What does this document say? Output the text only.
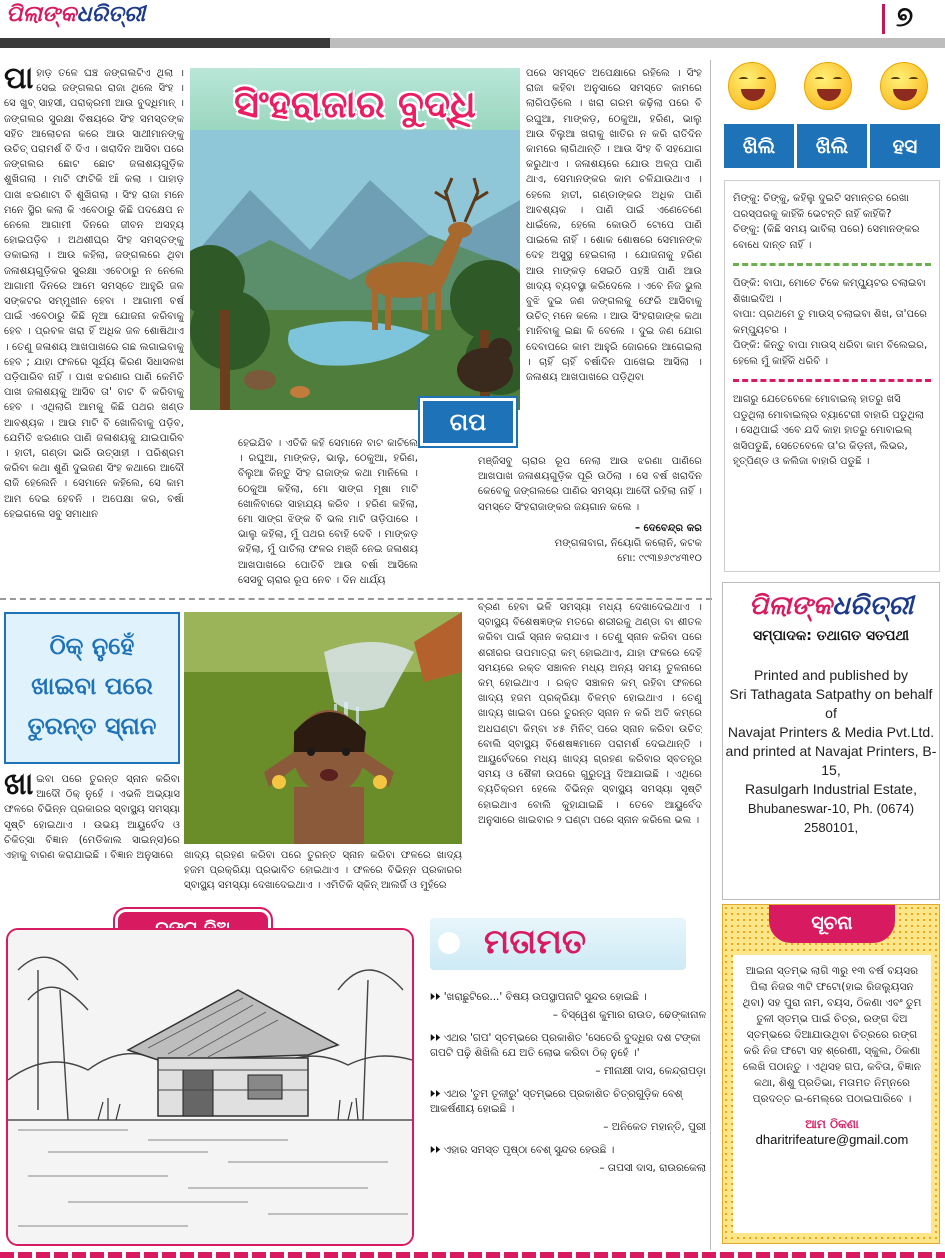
ପିଲାଙ୍କଧରିତ୍ରୀ	୭
ସିଂହରାଜାର ବୁଦ୍ଧି
ଗପ
ପା ହାଡ଼ ତଳେ ଘଞ୍ଚ ଜଙ୍ଗଲଟିଏ ଥିଲା । ସେଇ ଜଙ୍ଗଲର ରାଜା ଥିଲେ ସିଂହ । ସେ ଖୁବ୍ ସାହସୀ, ପରାକ୍ରମୀ ଆଉ ବୁଦ୍ଧିମାନ୍ । ଜଙ୍ଗଲର ସୁରକ୍ଷା ବିଷୟରେ ସିଂହ ସମସ୍ତଙ୍କ ସହିତ ଆଲୋଚନା କରେ ଆଉ ସାଥୀମାନଙ୍କୁ ଉଚିତ୍ ପରାମର୍ଶ ବି ଦିଏ । ଖରାଦିନ ଆସିବା ପରେ ଜଙ୍ଗଲର ଛୋଟ ଛୋଟ ଜଳାଶୟଗୁଡ଼ିକ ଶୁଖିଗଲା । ମାଟି ଫାଟିକି ଆଁ କଲା । ପାହାଡ଼ ପାଖ ଝରଣାଟା ବି ଶୁଖିଗଲା । ସିଂହ ରାଜା ମନେ ମନେ ସ୍ଥିର କଲା କି ଏବେଠାରୁ କିଛି ପଦକ୍ଷେପ ନ ନେଲେ ଆଗାମୀ ଦିନରେ ଜୀବନ ଅସହ୍ୟ ହୋଇପଡ଼ିବ । ଅଥଶୀଘ୍ର ସିଂହ ସମସ୍ତଙ୍କୁ ଡକାଇଲା । ଆଉ କହିଲା, ଜଙ୍ଗଲରେ ଥିବା ଜଳାଶୟଗୁଡ଼ିକର ସୁରକ୍ଷା ଏବେଠାରୁ ନ ନେଲେ ଆଗାମୀ ଦିନରେ ଆମେ ସମସ୍ତେ ଆହୁରି ଜଳ ସଙ୍କଟର ସମ୍ମୁଖୀନ ହେବା । ଆଗାମୀ ବର୍ଷ ପାଇଁ ଏବେଠାରୁ କିଛି ନୂଆ ଯୋଜନା କରିବାକୁ ହେବ । ପ୍ରବଳ ଖରା ହିଁ ଅଧିକ ଜଳ ଶୋଷିଥାଏ । ତେଣୁ ଜଳାଶୟ ଆଖପାଖରେ ଗଛ ଲଗାଇବାକୁ ହେବ ; ଯାହା ଫଳରେ ସୂର୍ଯ୍ୟ କିରଣ ସିଧାସଳଖ ପଡ଼ିପାରିବ ନାହିଁ । ପାଖ ଝରଣାର ପାଣି କେମିତି ପାଖ ଜଳାଶୟକୁ ଆସିବ ତା' ବାଟ ବି କରିବାକୁ ହେବ । ଏଥିଲାଗି ଆମକୁ କିଛି ପଥର ଖଣ୍ଡ ଆବଶ୍ୟକ । ଆଉ ମାଟି ବି ଖୋଳିବାକୁ ପଡ଼ିବ, ଯେମିତି ଝରଣାର ପାଣି ଜଳାଶୟକୁ ଯାଇପାରିବ । ହାତୀ, ଗଣ୍ଡା ଭାରି ଉତ୍ସାହୀ । ପରିଶ୍ରମ କରିବା କଥା ଶୁଣି ଦୁଇଜଣ ସିଂହ କଥାରେ ଆଦୌ ରାଜି ହେଲେନି । ସେମାନେ କହିଲେ, ସେ କାମ ଆମ ଦେଇ ହେବନି । ଅପେକ୍ଷା କର, ବର୍ଷା ହେଇଗଲେ ସବୁ ସମାଧାନ
ହେଇଯିବ । ଏତିକି କହି ସେମାନେ ବାଟ କାଟିଲେ । ରଘୁଆ, ମାଙ୍କଡ଼, ଭାଲୁ, ଠେକୁଆ, ହରିଣ, ବିଲୁଆ କିନ୍ତୁ ସିଂହ ରାଜାଙ୍କ କଥା ମାନିଲେ । ଠେକୁଆ କହିଲା, ମୋ ସାଙ୍ଗ ମୂଷା ମାଟି ଖୋଳିବାରେ ସାହାଯ୍ୟ କରିବ । ହରିଣ କହିଲା, ମୋ ସାଙ୍ଗ ଝିଙ୍କ ବି ଭଲ ମାଟି ତାଡ଼ିପାରେ । ଭାଲୁ କହିଲା, ମୁଁ ପଥର ବୋହି ଦେବି । ମାଙ୍କଡ଼ କହିଲା, ମୁଁ ପାତିଲା ଫଳର ମଞ୍ଜି ନେଇ ଜଳାଶୟ ଆଖପାଖରେ ପୋତିବି ଆଉ ବର୍ଷା ଆସିଲେ ସେସବୁ ଚାରାର ରୂପ ନେବ । ଦିନ ଧାର୍ଯ୍ୟ
ପରେ ସମସ୍ତେ ଅପେକ୍ଷାରେ ରହିଲେ । ସିଂହ ରାଜା କହିବା ଅନୁସାରେ ସମସ୍ତେ କାମରେ ଲାଗିପଡ଼ିଲେ । ଖରା ଗରମ କଢ଼ିଲା ପରେ ବି ରଘୁଆ, ମାଙ୍କଡ଼, ଠେକୁଆ, ହରିଣ, ଭାଲୁ ଆଉ ବିଲୁଆ ଖରାକୁ ଖାତିର ନ କରି ରାତିଦିନ କାମରେ ଲାଗିଥାନ୍ତି । ଆଉ ସିଂହ ବି ସହଯୋଗ କରୁଥାଏ । ଜଳାଶୟରେ ଯୋଉ ଅଳ୍ପ ପାଣି ଥାଏ, ସେମାନଙ୍କର କାମ ଚଳିଯାଉଥାଏ । ହେଲେ ହାତୀ, ଗଣ୍ଡାଙ୍କର ଅଧିକ ପାଣି ଆବଶ୍ୟକ । ପାଣି ପାଇଁ ଏଣେତେଣେ ଧାଇଁଲେ, ହେଲେ କୋଉଠି ଟୋପେ ପାଣି ପାଇଲେ ନାହିଁ । ଶୋକ ଶୋଷରେ ସେମାନଙ୍କ ଦେହ ଅସୁସ୍ଥ ହେଇଗଲା । ଯୋଜନାକୁ ହରିଣ ଆଉ ମାଙ୍କଡ଼ ସେଇଠି ପହଞ୍ଚି ପାଣି ଆଉ ଖାଦ୍ୟ ବ୍ୟବସ୍ଥା କରିଦେଲେ । ଏବେ ନିଜ ଭୁଲ ବୁଝି ଦୁଇ ଜଣ ଜଙ୍ଗଲକୁ ଫେରି ଆସିବାକୁ ଉଚିତ୍ ମନେ କଲେ । ଆଉ ସିଂହରାଜାଙ୍କ କଥା ମାନିବାକୁ ଇଛା କି ବେଲେ । ଦୁଇ ଜଣ ଯୋଗ ଦେବାପରେ କାମ ଆହୁରି ଜୋରରେ ଆଗେଇଲା । ଚାହିଁ ଚାହିଁ ବର୍ଷାଦିନ ପାଖେଇ ଆସିଲା । ଜଳାଶୟ ଆଖପାଖରେ ପଡ଼ିଥିବା
ମଞ୍ଜିସବୁ ଚାରାର ରୂପ ନେଲା ଆଉ ଝରଣା ପାଣିରେ ଆଖପାଖ ଜଳାଶୟଗୁଡ଼ିକ ପୂରି ଉଠିଲା । ସେ ବର୍ଷ ଖରାଦିନ କେବେକୁ ଜଙ୍ଗଲରେ ପାଣିର ସମସ୍ୟା ଆଦୌ ରହିଲା ନାହିଁ । ସମସ୍ତେ ସିଂହରାଜାଙ୍କର ଜୟଗାନ କଲେ ।
– ଦେବେନ୍ଦ୍ର କର
ମଙ୍ଗଳାବାଗ, ନିୟୋଗି କଲୋନି, କଟକ
ମୋ: ୯୯୩୭୬୯୪୩୧୦
ଖିଲି	ଖିଲି	ହସ
ମିଙ୍କୁ: ଚିଙ୍କୁ, କହିଲୁ ଦୁଇଟି ସମାନ୍ତର ରେଖା ପରସ୍ପରକୁ କାହିଁକି ଭେଟନ୍ତି ନାହିଁ କାହିଁକି?
ଚିଙ୍କୁ: (କିଛି ସମୟ ଭାବିଲା ପରେ) ସେମାନଙ୍କର ବୋଧେ ଦାନ୍ତ ନାହିଁ ।
ପିଙ୍କି: ବାପା, ମୋତେ ଟିକେ କମ୍ପ୍ୟୁଟର ଚଲାଇବା ଶିଖାଇଦିଅ ।
ବାପା: ପ୍ରଥମେ ତୁ ମାଉସ୍ ଚଲାଇବା ଶିଖ, ତା'ପରେ କମ୍ପ୍ୟୁଟର ।
ପିଙ୍କି: କିନ୍ତୁ ବାପା ମାଉସ୍ ଧରିବା କାମ ବିଲେଇର, ହେଲେ ମୁଁ କାହିଁକି ଧରିବି ।
ଆଗରୁ ଯେତେବେଳେ ମୋବାଇଲ୍ ହାତରୁ ଖସି ପଡୁଥିଲା ମୋବାଇଲ୍ର ବ୍ୟାଟେରୀ ବାହାରି ପଡୁଥିଲା । ସେଥିପାଇଁ ଏବେ ଯଦି କାହା ହାତରୁ ମୋବାଇଲ୍ ଖସିପଡୁଛି, ସେତେବେଳେ ତା'ର କିଡ଼ନୀ, ଲିଭର, ହୃତ୍ପିଣ୍ଡ ଓ କଲିଜା ବାହାରି ପଡୁଛି ।
ଠିକ୍ ନୁହେଁ
ଖାଇବା ପରେ
ତୁରନ୍ତ ସ୍ନାନ
ଖା ଇବା ପରେ ତୁରନ୍ତ ସ୍ନାନ କରିବା ଆଦୌ ଠିକ୍ ନୁହେଁ । ଏଭଳି ଅଭ୍ୟାସ ଫଳରେ ବିଭିନ୍ନ ପ୍ରକାରର ସ୍ବାସ୍ଥ୍ୟ ସମସ୍ୟା ସୃଷ୍ଟି ହୋଇଥାଏ । ଉଭୟ ଆୟୁର୍ବେଦ ଓ ଚିକିତ୍ସା ବିଜ୍ଞାନ (ମେଡିକାଲ ସାଇନ୍ସ)ରେ ଏହାକୁ ବାରଣ କରାଯାଇଛି । ବିଜ୍ଞାନ ଅନୁସାରେ	ଖାଦ୍ୟ ଗ୍ରହଣ କରିବା ପରେ ତୁରନ୍ତ ସ୍ନାନ କରିବା ଫଳରେ ଖାଦ୍ୟ ହଜମ ପ୍ରକ୍ରିୟା ପ୍ରଭାବିତ ହୋଇଥାଏ । ଫଳରେ ବିଭିନ୍ନ ପ୍ରକାରର ସ୍ବାସ୍ଥ୍ୟ ସମସ୍ୟା ଦେଖାଦେଇଥାଏ । ଏମିତିକି ସ୍କିନ୍ ଆଲର୍ଜି ଓ ମୁହଁରେ
ବ୍ରଣ ହେବା ଭଳି ସମସ୍ୟା ମଧ୍ୟ ଦେଖାଦେଇଥାଏ । ସ୍ବାସ୍ଥ୍ୟ ବିଶେଷଜ୍ଞଙ୍କ ମତରେ ଶରୀରକୁ ଥଣ୍ଡା ବା ଶୀତଳ କରିବା ପାଇଁ ସ୍ନାନ କରାଯାଏ । ତେଣୁ ସ୍ନାନ କରିବା ପରେ ଶରୀରର ତାପମାତ୍ରା କମ୍ ହୋଇଥାଏ, ଯାହା ଫଳରେ ଦେହି ସମୟରେ ରକ୍ତ ସଞ୍ଚାଳନ ମଧ୍ୟ ଅନ୍ୟ ସମୟ ତୁଳନାରେ କମ୍ ହୋଇଥାଏ । ରକ୍ତ ସଞ୍ଚାଳନ କମ୍ ରହିବା ଫଳରେ ଖାଦ୍ୟ ହଜମ ପ୍ରକ୍ରିୟା ବିଳମ୍ବ ହୋଇଥାଏ । ତେଣୁ ଖାଦ୍ୟ ଖାଇବା ପରେ ତୁରନ୍ତ ସ୍ନାନ ନ କରି ଅତି କମ୍ରେ ଅଧଘଣ୍ଟା କିମ୍ବା ୪୫ ମିନିଟ୍ ପରେ ସ୍ନାନ କରିବା ଉଚିତ୍ ବୋଲି ସ୍ବାସ୍ଥ୍ୟ ବିଶେଷଜ୍ଞମାନେ ପରାମର୍ଶ ଦେଇଥାନ୍ତି । ଆୟୁର୍ବେଦରେ ମଧ୍ୟ ଖାଦ୍ୟ ଗ୍ରହଣ କରିବାର ସ୍ବତନ୍ତ୍ର ସମୟ ଓ ଶୈଳୀ ଉପରେ ଗୁରୁତ୍ୱ ଦିଆଯାଇଛି । ଏଥିରେ ବ୍ୟତିକ୍ରମ ହେଲେ ବିଭିନ୍ନ ସ୍ବାସ୍ଥ୍ୟ ସମସ୍ୟା ସୃଷ୍ଟି ହୋଇଥାଏ ବୋଲି କୁହାଯାଇଛି । ତେବେ ଆୟୁର୍ବେଦ ଅନୁସାରେ ଖାଇବାର ୨ ଘଣ୍ଟା ପରେ ସ୍ନାନ କରିଲେ ଭଲ ।
ପିଲାଙ୍କଧରିତ୍ରୀ
ସମ୍ପାଦକ: ତଥାଗତ ସତପଥୀ
Printed and published by
Sri Tathagata Satpathy on behalf of
Navajat Printers & Media Pvt.Ltd.
and printed at Navajat Printers, B-15,
Rasulgarh Industrial Estate,
Bhubaneswar-10, Ph. (0674) 2580101,
ମତାମତ
⏵⏵ 'ଖରାଛୁଟିରେ...' ବିଷୟ ଉପସ୍ଥାପନାଟି ସୁନ୍ଦର ହୋଇଛି ।
– ବିସ୍ୱେଶ କୁମାର ରାଉତ, ଢେଙ୍କାନାଳ
⏵⏵ ଏଥର 'ଗପ' ସ୍ତମ୍ଭରେ ପ୍ରକାଶିତ 'ସେତେରି ବୁଦ୍ଧିର ଦଶ ଟଙ୍କା ଗପଟି ପଢ଼ି ଶିଖିଲି ଯେ ଅତି ଲୋଭ କରିବା ଠିକ୍ ନୁହେଁ ।'
– ମୀନାକ୍ଷୀ ଦାସ, କେନ୍ଦ୍ରାପଡ଼ା
⏵⏵ ଏଥର 'ତୁମ ତୂଳୀରୁ' ସ୍ତମ୍ଭରେ ପ୍ରକାଶିତ ଚିତ୍ରଗୁଡ଼ିକ ବେଶ୍ ଆକର୍ଷଣୀୟ ହୋଇଛି ।
– ଅନିକେତ ମହାନ୍ତି, ପୁରୀ
⏵⏵ ଏହାର ସମସ୍ତ ପୃଷ୍ଠା ବେଶ୍ ସୁନ୍ଦର ହେଉଛି ।
– ତାପସୀ ଦାସ, ରାଉରକେଲା
ସୂଚନା
ଆଇନା ସ୍ତମ୍ଭ ଲାଗି ୩ରୁ ୧୩ ବର୍ଷ ବୟସର ପିଲା ନିଜର ୩ଟି ଫଟୋ(ହାଇ ରିଜଲ୍ୟୁସନ ଥିବା) ସହ ପୁରା ନାମ, ବୟସ, ଠିକଣା ଏବଂ ତୁମ ତୁଳୀ ସ୍ତମ୍ଭ ପାଇଁ ଚିତ୍ର, ରଙ୍ଗ ଦିଅ ସ୍ତମ୍ଭରେ ଦିଆଯାଉଥିବା ଚିତ୍ରରେ ରଙ୍ଗ କରି ନିଜ ଫଟୋ ସହ ଶ୍ରେଣୀ, ସ୍କୁଲ, ଠିକଣା ଲେଖି ପଠାନ୍ତୁ । ଏଥିସହ ଗପ, କବିତା, ବିଜ୍ଞାନ କଥା, ଶିଶୁ ପ୍ରତିଭା, ମତାମତ ନିମ୍ନରେ ପ୍ରଦତ୍ତ ଇ-ମେଲ୍‌ରେ ପଠାଇପାରିବେ ।
ଆମ ଠିକଣା
dharitrifeature@gmail.com
